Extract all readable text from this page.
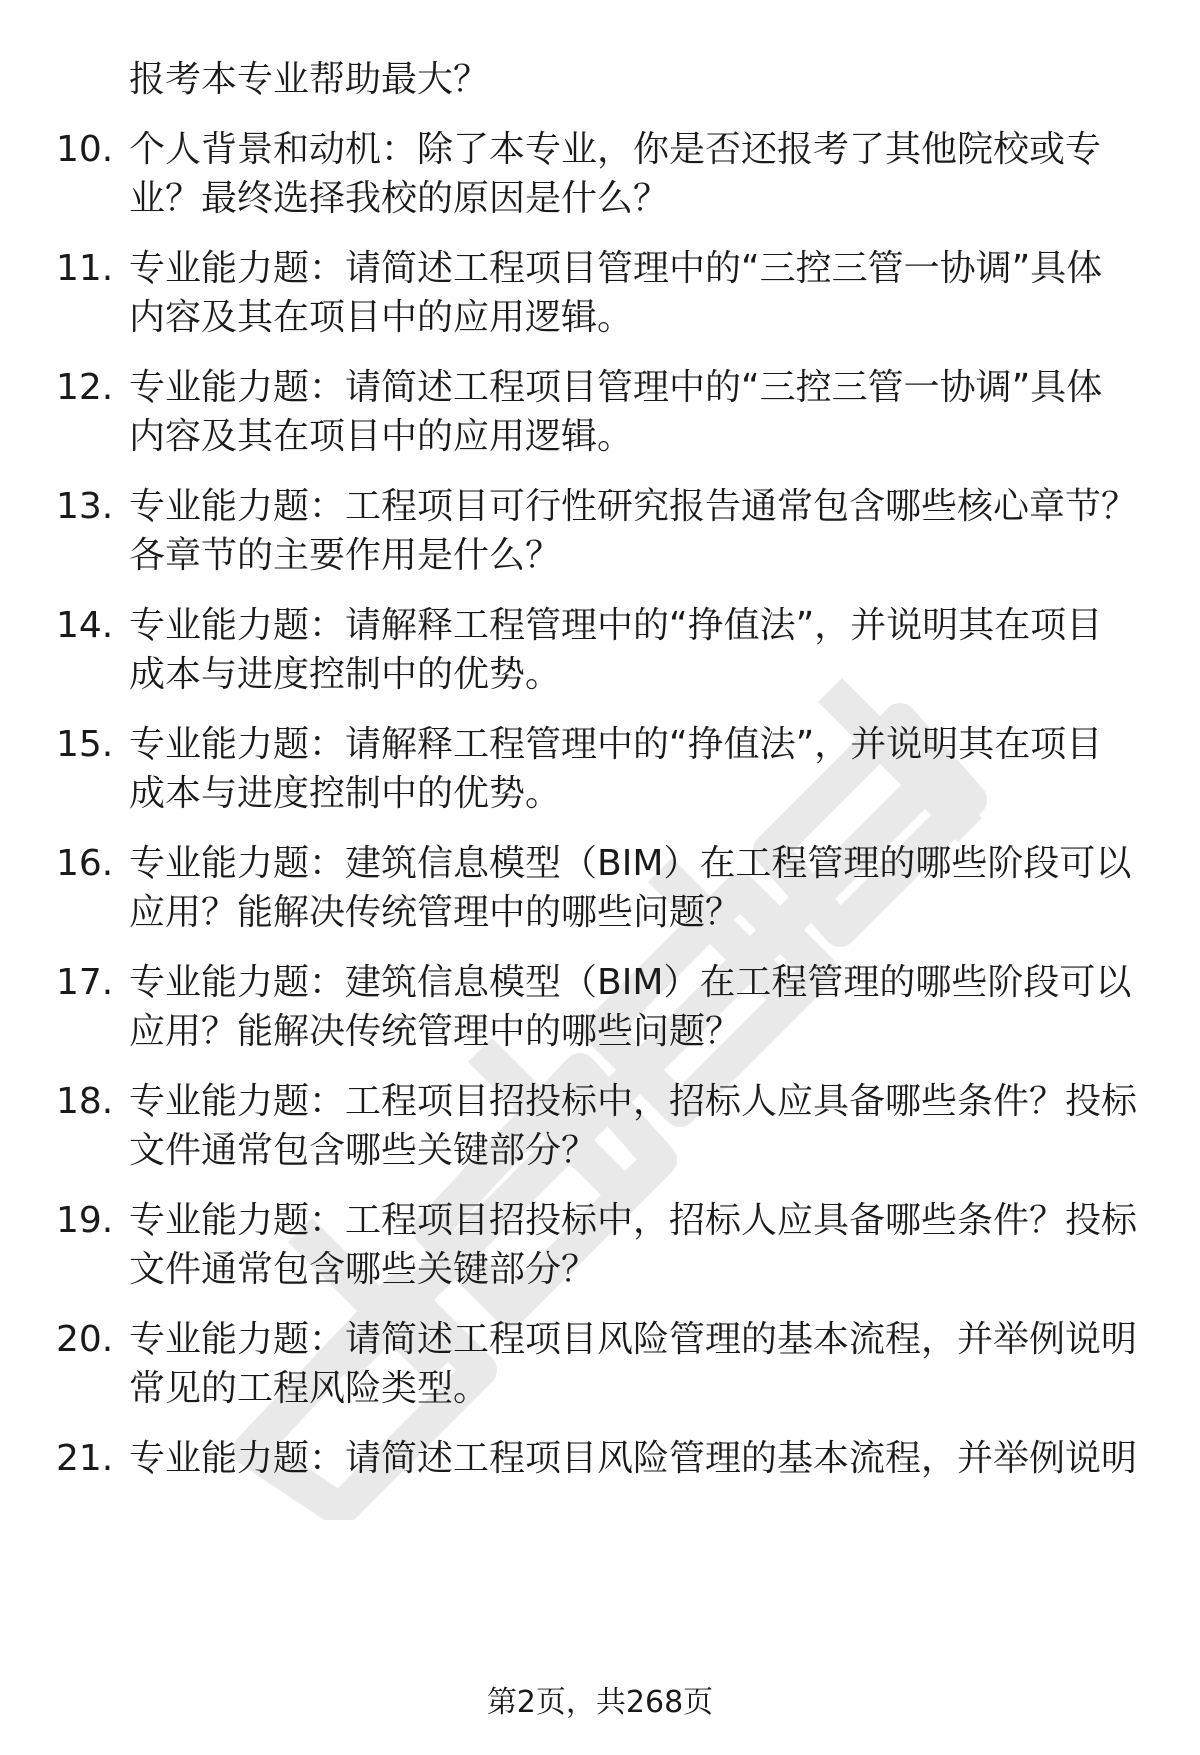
报考本专业帮助最大？
10. 个人背景和动机：除了本专业，你是否还报考了其他院校或专
业？最终选择我校的原因是什么？
11. 专业能力题：请简述工程项目管理中的“三控三管一协调”具体
内容及其在项目中的应用逻辑。
12. 专业能力题：请简述工程项目管理中的“三控三管一协调”具体
内容及其在项目中的应用逻辑。
13. 专业能力题：工程项目可行性研究报告通常包含哪些核心章节？
各章节的主要作用是什么？
14. 专业能力题：请解释工程管理中的“挣值法”，并说明其在项目
成本与进度控制中的优势。
15. 专业能力题：请解释工程管理中的“挣值法”，并说明其在项目
成本与进度控制中的优势。
16. 专业能力题：建筑信息模型（BIM）在工程管理的哪些阶段可以
应用？能解决传统管理中的哪些问题？
17. 专业能力题：建筑信息模型（BIM）在工程管理的哪些阶段可以
应用？能解决传统管理中的哪些问题？
18. 专业能力题：工程项目招投标中，招标人应具备哪些条件？投标
文件通常包含哪些关键部分？
19. 专业能力题：工程项目招投标中，招标人应具备哪些条件？投标
文件通常包含哪些关键部分？
20. 专业能力题：请简述工程项目风险管理的基本流程，并举例说明
常见的工程风险类型。
21. 专业能力题：请简述工程项目风险管理的基本流程，并举例说明
第2页，共268页
